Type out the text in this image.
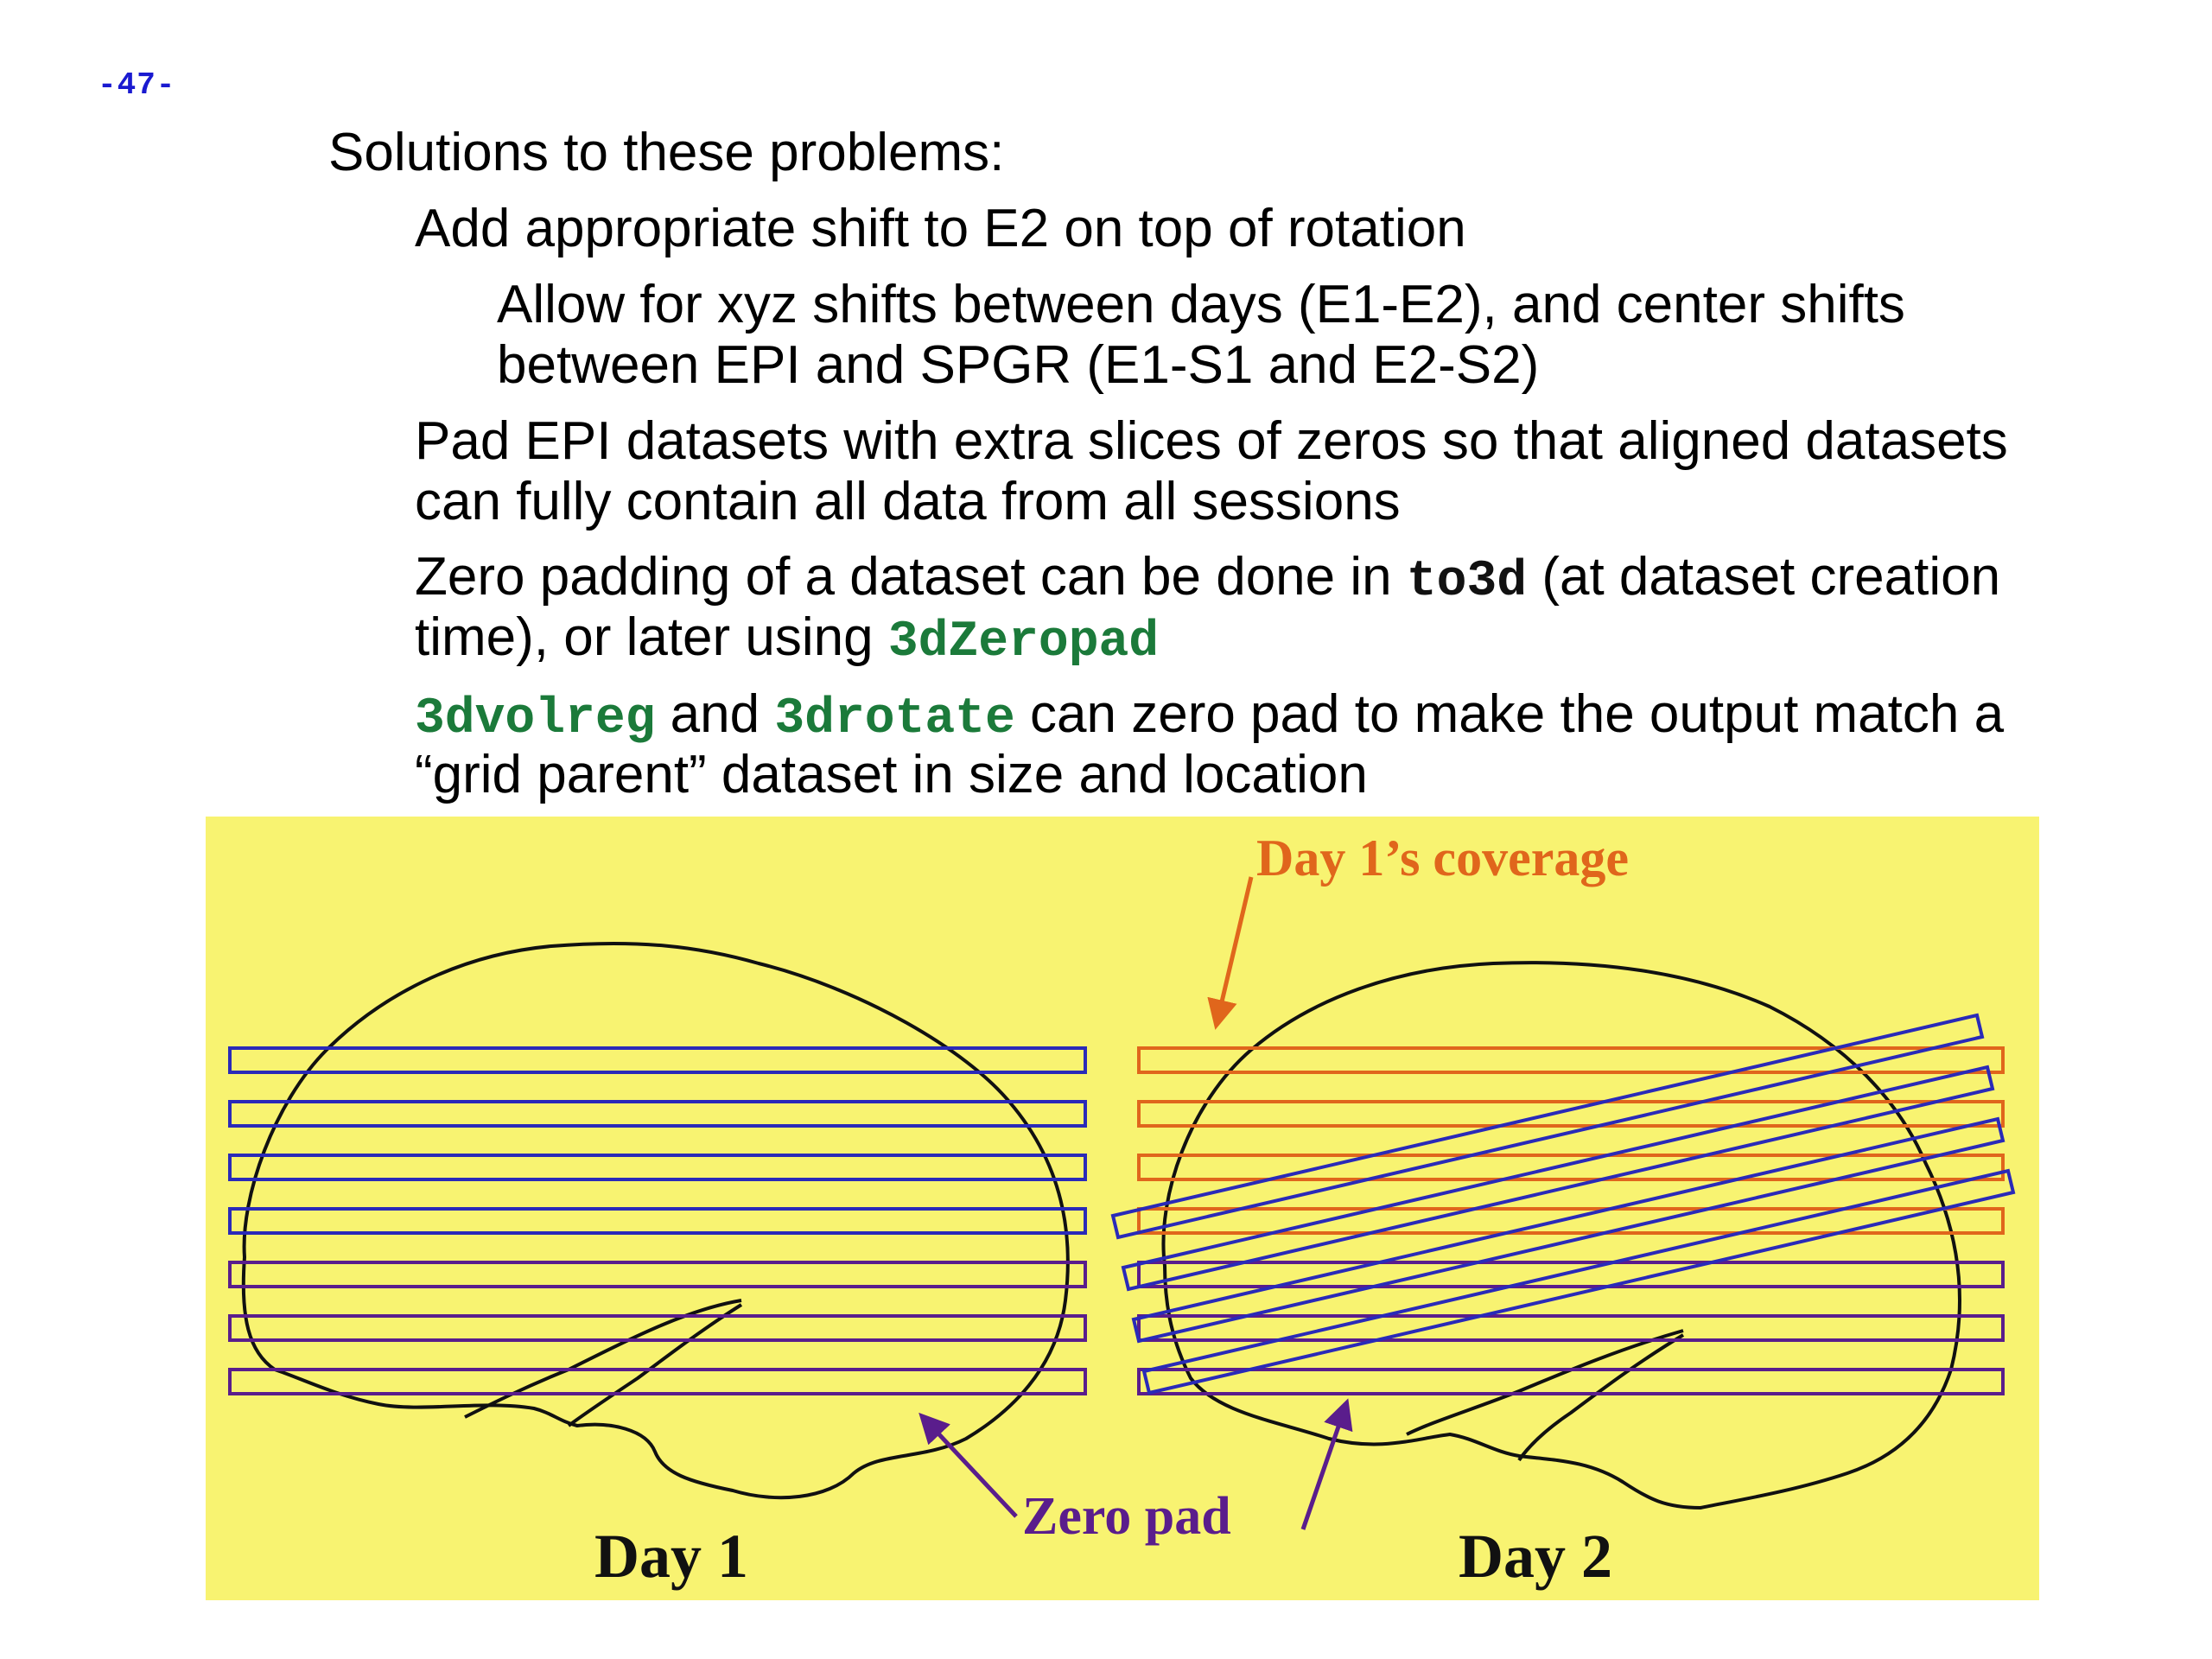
-47-
Solutions to these problems:
Add appropriate shift to E2 on top of rotation
Allow for xyz shifts between days (E1-E2), and center shifts
between EPI and SPGR (E1-S1 and E2-S2)
Pad EPI datasets with extra slices of zeros so that aligned datasets
can fully contain all data from all sessions
Zero padding of a dataset can be done in to3d (at dataset creation
time), or later using 3dZeropad
3dvolreg and 3drotate can zero pad to make the output match a
“grid parent” dataset in size and location
Day 1’s coverage
Zero pad
Day 1	Day 2
